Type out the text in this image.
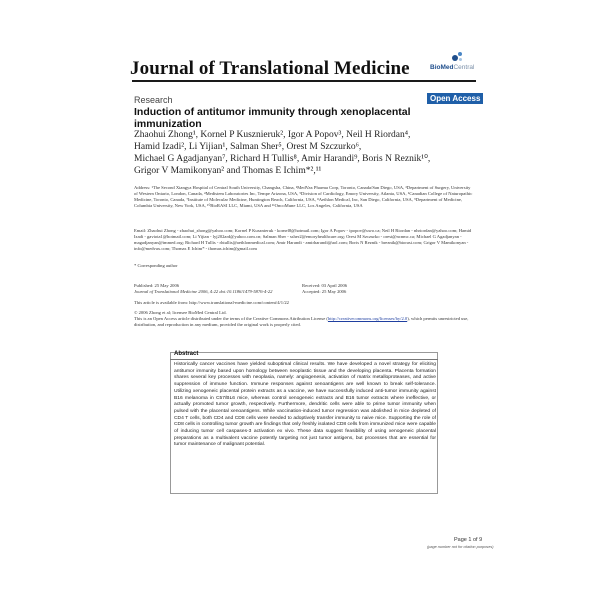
Journal of Translational Medicine	BioMedCentral
Research	Open Access
Induction of antitumor immunity through xenoplacental immunization
Zhaohui Zhong¹, Kornel P Kusznieruk², Igor A Popov³, Neil H Riordan⁴,
Hamid Izadi², Li Yijian¹, Salman Sher⁵, Orest M Szczurko⁶,
Michael G Agadjanyan⁷, Richard H Tullis⁸, Amir Harandi⁹, Boris N Reznik¹⁰,
Grigor V Mamikonyan² and Thomas E Ichim*²,¹¹
Address: ¹The Second Xiangya Hospital of Central South University, Changsha, China, ²MedVax Pharma Corp, Toronto, Canada/San Diego, USA, ³Department of Surgery, University of Western Ontario, London, Canada, ⁴Medistem Laboratories Inc, Tempe Arizona, USA, ⁵Division of Cardiology, Emory University, Atlanta, USA, ⁶Canadian College of Naturopathic Medicine, Toronto, Canada, ⁷Institute of Molecular Medicine, Huntington Beach, California, USA, ⁸Aethlon Medical, Inc, San Diego, California, USA, ⁹Department of Medicine, Columbia University, New York, USA, ¹⁰BioRASI LLC, Miami, USA and ¹¹OncoMune LLC, Los Angeles, California, USA
Email: Zhaohui Zhong - zhaohui_zhong@yahoo.com; Kornel P Kusznieruk - kornel8@hotmail.com; Igor A Popov - ipopov@uwo.ca; Neil H Riordan - nhriordan@yahoo.com; Hamid Izadi - gaviota1@hotmail.com; Li Yijian - lyj202ard@yahoo.com.cn; Salman Sher - ssher2@emoryhealthcare.org; Orest M Szczurko - orest@ncnmc.ca; Michael G Agadjanyan - magadjanyan@immed.org; Richard H Tullis - rhtullis@aethlonmedical.com; Amir Harandi - amirharandi@aol.com; Boris N Reznik - breznik@biorasi.com; Grigor V Mamikonyan - info@medvax.com; Thomas E Ichim* - thomas.ichim@gmail.com
* Corresponding author
Published: 25 May 2006
Journal of Translational Medicine 2006, 4:22 doi:10.1186/1479-5876-4-22
Received: 03 April 2006
Accepted: 25 May 2006
This article is available from: http://www.translational-medicine.com/content/4/1/22
© 2006 Zhong et al; licensee BioMed Central Ltd.
This is an Open Access article distributed under the terms of the Creative Commons Attribution License (http://creativecommons.org/licenses/by/2.0), which permits unrestricted use, distribution, and reproduction in any medium, provided the original work is properly cited.
Abstract
Historically cancer vaccines have yielded suboptimal clinical results. We have developed a novel strategy for eliciting antitumor immunity based upon homology between neoplastic tissue and the developing placenta. Placenta formation shares several key processes with neoplasia, namely: angiogenesis, activation of matrix metalloproteases, and active suppression of immune function. Immune responses against xenoantigens are well known to break self-tolerance. Utilizing xenogeneic placental protein extracts as a vaccine, we have successfully induced anti-tumor immunity against B16 melanoma in C57/BL6 mice, whereas control xenogeneic extracts and B16 tumor extracts where ineffective, or actually promoted tumor growth, respectively. Furthermore, dendritic cells were able to prime tumor immunity when pulsed with the placental xenoantigens. While vaccination-induced tumor regression was abolished in mice depleted of CD4 T cells, both CD4 and CD8 cells were needed to adoptively transfer immunity to naive mice. Supporting the role of CD8 cells in controlling tumor growth are findings that only freshly isolated CD8 cells from immunized mice were capable of inducing tumor cell caspases-3 activation ex vivo. These data suggest feasibility of using xenogeneic placental preparations as a multivalent vaccine potently targeting not just tumor antigens, but processes that are essential for tumor maintenance of malignant potential.
Page 1 of 9
(page number not for citation purposes)
